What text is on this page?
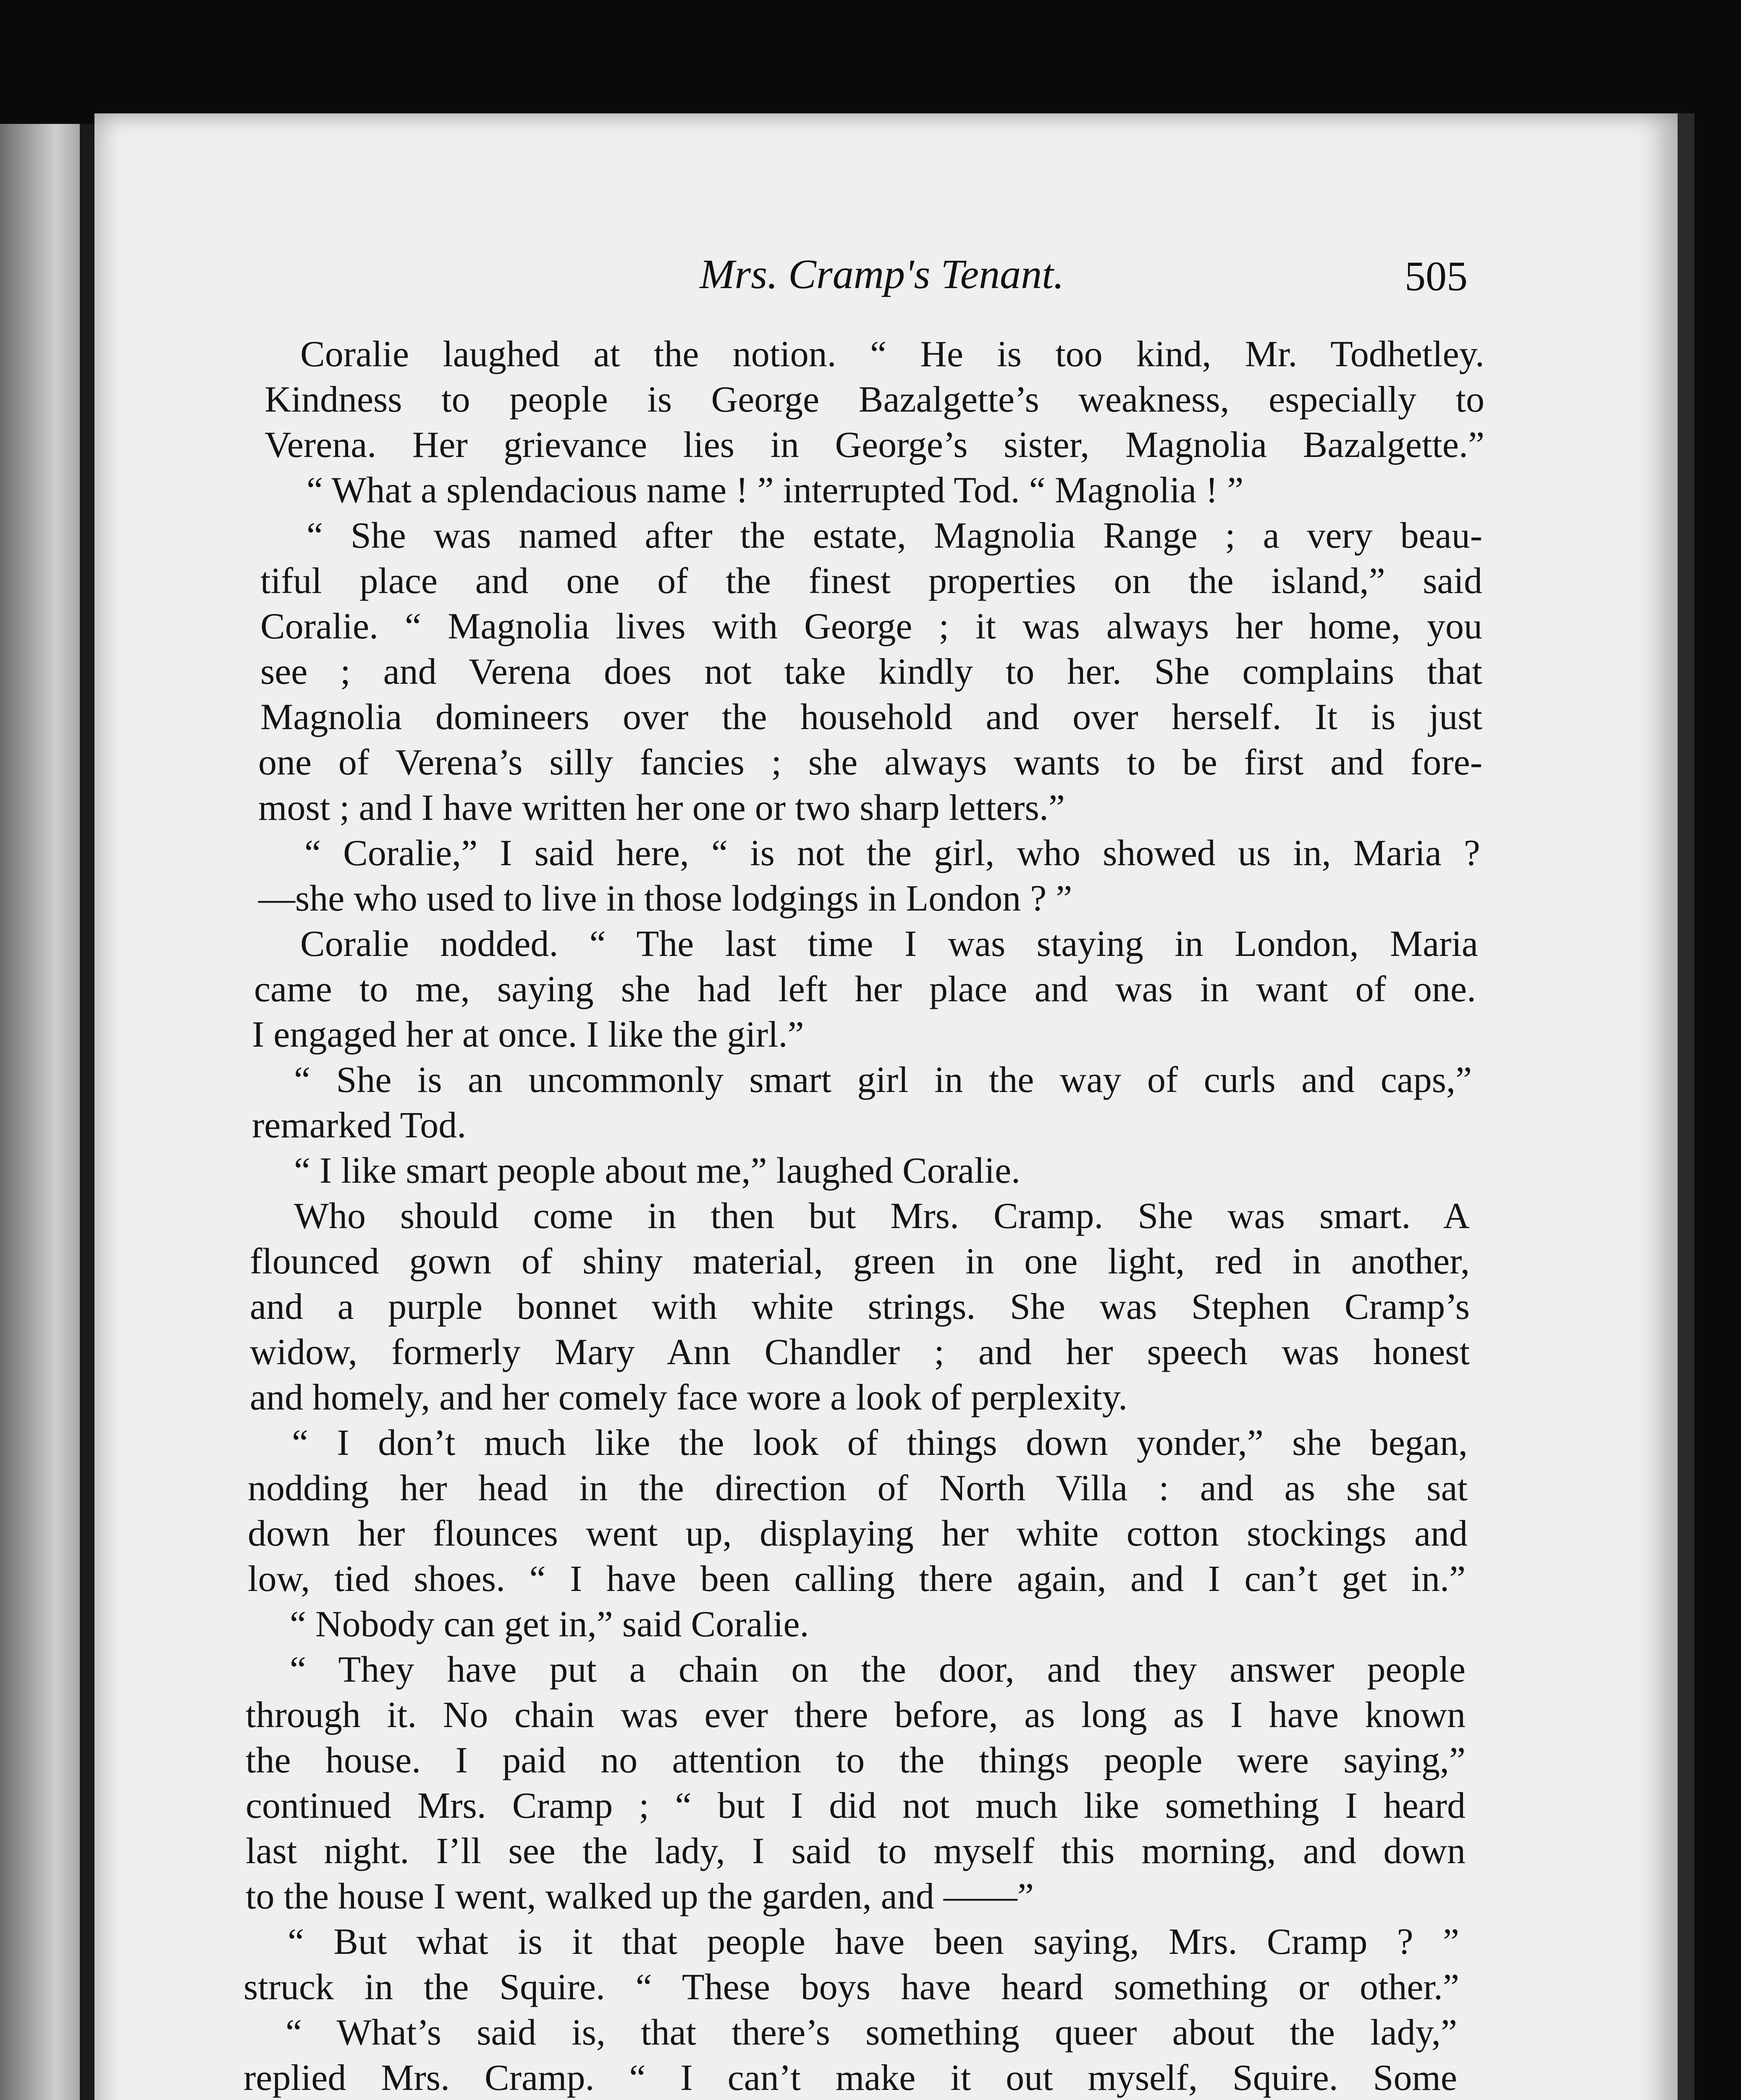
Mrs. Cramp's Tenant.	505
Coralie laughed at the notion. “ He is too kind, Mr. Todhetley.
Kindness to people is George Bazalgette’s weakness, especially to
Verena. Her grievance lies in George’s sister, Magnolia Bazalgette.”
“ What a splendacious name ! ” interrupted Tod. “ Magnolia ! ”
“ She was named after the estate, Magnolia Range ; a very beau-
tiful place and one of the finest properties on the island,” said
Coralie. “ Magnolia lives with George ; it was always her home, you
see ; and Verena does not take kindly to her. She complains that
Magnolia domineers over the household and over herself. It is just
one of Verena’s silly fancies ; she always wants to be first and fore-
most ; and I have written her one or two sharp letters.”
“ Coralie,” I said here, “ is not the girl, who showed us in, Maria ?
—she who used to live in those lodgings in London ? ”
Coralie nodded. “ The last time I was staying in London, Maria
came to me, saying she had left her place and was in want of one.
I engaged her at once. I like the girl.”
“ She is an uncommonly smart girl in the way of curls and caps,”
remarked Tod.
“ I like smart people about me,” laughed Coralie.
Who should come in then but Mrs. Cramp. She was smart. A
flounced gown of shiny material, green in one light, red in another,
and a purple bonnet with white strings. She was Stephen Cramp’s
widow, formerly Mary Ann Chandler ; and her speech was honest
and homely, and her comely face wore a look of perplexity.
“ I don’t much like the look of things down yonder,” she began,
nodding her head in the direction of North Villa : and as she sat
down her flounces went up, displaying her white cotton stockings and
low, tied shoes. “ I have been calling there again, and I can’t get in.”
“ Nobody can get in,” said Coralie.
“ They have put a chain on the door, and they answer people
through it. No chain was ever there before, as long as I have known
the house. I paid no attention to the things people were saying,”
continued Mrs. Cramp ; “ but I did not much like something I heard
last night. I’ll see the lady, I said to myself this morning, and down
to the house I went, walked up the garden, and ——”
“ But what is it that people have been saying, Mrs. Cramp ? ”
struck in the Squire. “ These boys have heard something or other.”
“ What’s said is, that there’s something queer about the lady,”
replied Mrs. Cramp. “ I can’t make it out myself, Squire. Some
